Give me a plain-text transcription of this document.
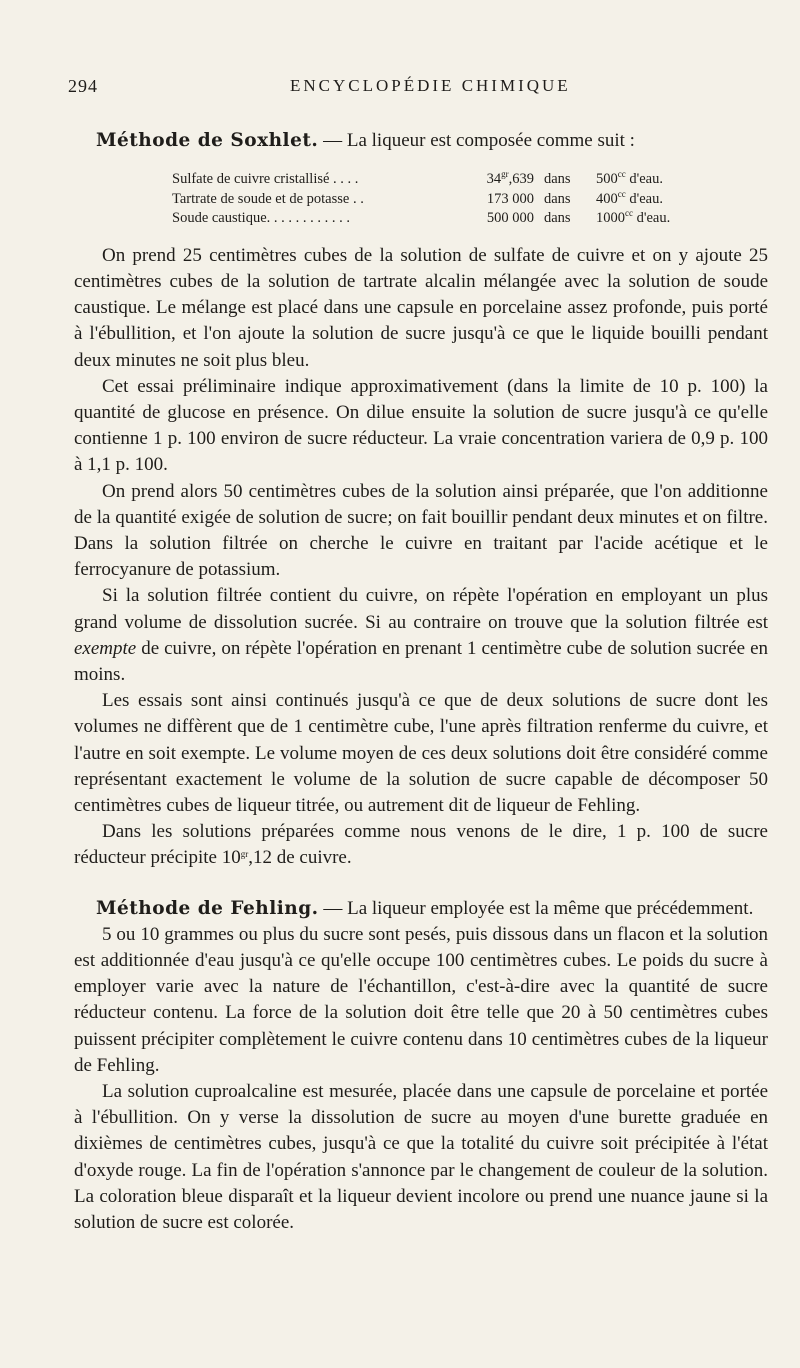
294	ENCYCLOPÉDIE CHIMIQUE

Méthode de Soxhlet. — La liqueur est composée comme suit :

Sulfate de cuivre cristallisé . . . .	$34^{gr},639$	dans	$500^{cc}$ d'eau.
Tartrate de soude et de potasse . .	173 000	dans	$400^{cc}$ d'eau.
Soude caustique. . . . . . . . . . . .	500 000	dans	$1000^{cc}$ d'eau.

On prend 25 centimètres cubes de la solution de sulfate de cuivre et on y ajoute 25 centimètres cubes de la solution de tartrate alcalin mélangée avec la solution de soude caustique. Le mélange est placé dans une capsule en porcelaine assez profonde, puis porté à l'ébullition, et l'on ajoute la solution de sucre jusqu'à ce que le liquide bouilli pendant deux minutes ne soit plus bleu.

Cet essai préliminaire indique approximativement (dans la limite de 10 p. 100) la quantité de glucose en présence. On dilue ensuite la solution de sucre jusqu'à ce qu'elle contienne 1 p. 100 environ de sucre réducteur. La vraie concentration variera de 0,9 p. 100 à 1,1 p. 100.

On prend alors 50 centimètres cubes de la solution ainsi préparée, que l'on additionne de la quantité exigée de solution de sucre; on fait bouillir pendant deux minutes et on filtre. Dans la solution filtrée on cherche le cuivre en traitant par l'acide acétique et le ferrocyanure de potassium.

Si la solution filtrée contient du cuivre, on répète l'opération en employant un plus grand volume de dissolution sucrée. Si au contraire on trouve que la solution filtrée est exempte de cuivre, on répète l'opération en prenant 1 centimètre cube de solution sucrée en moins.

Les essais sont ainsi continués jusqu'à ce que de deux solutions de sucre dont les volumes ne diffèrent que de 1 centimètre cube, l'une après filtration renferme du cuivre, et l'autre en soit exempte. Le volume moyen de ces deux solutions doit être considéré comme représentant exactement le volume de la solution de sucre capable de décomposer 50 centimètres cubes de liqueur titrée, ou autrement dit de liqueur de Fehling.

Dans les solutions préparées comme nous venons de le dire, 1 p. 100 de sucre réducteur précipite $10^{gr},12$ de cuivre.

Méthode de Fehling. — La liqueur employée est la même que précédemment.

5 ou 10 grammes ou plus du sucre sont pesés, puis dissous dans un flacon et la solution est additionnée d'eau jusqu'à ce qu'elle occupe 100 centimètres cubes. Le poids du sucre à employer varie avec la nature de l'échantillon, c'est-à-dire avec la quantité de sucre réducteur contenu. La force de la solution doit être telle que 20 à 50 centimètres cubes puissent précipiter complètement le cuivre contenu dans 10 centimètres cubes de la liqueur de Fehling.

La solution cuproalcaline est mesurée, placée dans une capsule de porcelaine et portée à l'ébullition. On y verse la dissolution de sucre au moyen d'une burette graduée en dixièmes de centimètres cubes, jusqu'à ce que la totalité du cuivre soit précipitée à l'état d'oxyde rouge. La fin de l'opération s'annonce par le changement de couleur de la solution. La coloration bleue disparaît et la liqueur devient incolore ou prend une nuance jaune si la solution de sucre est colorée.
